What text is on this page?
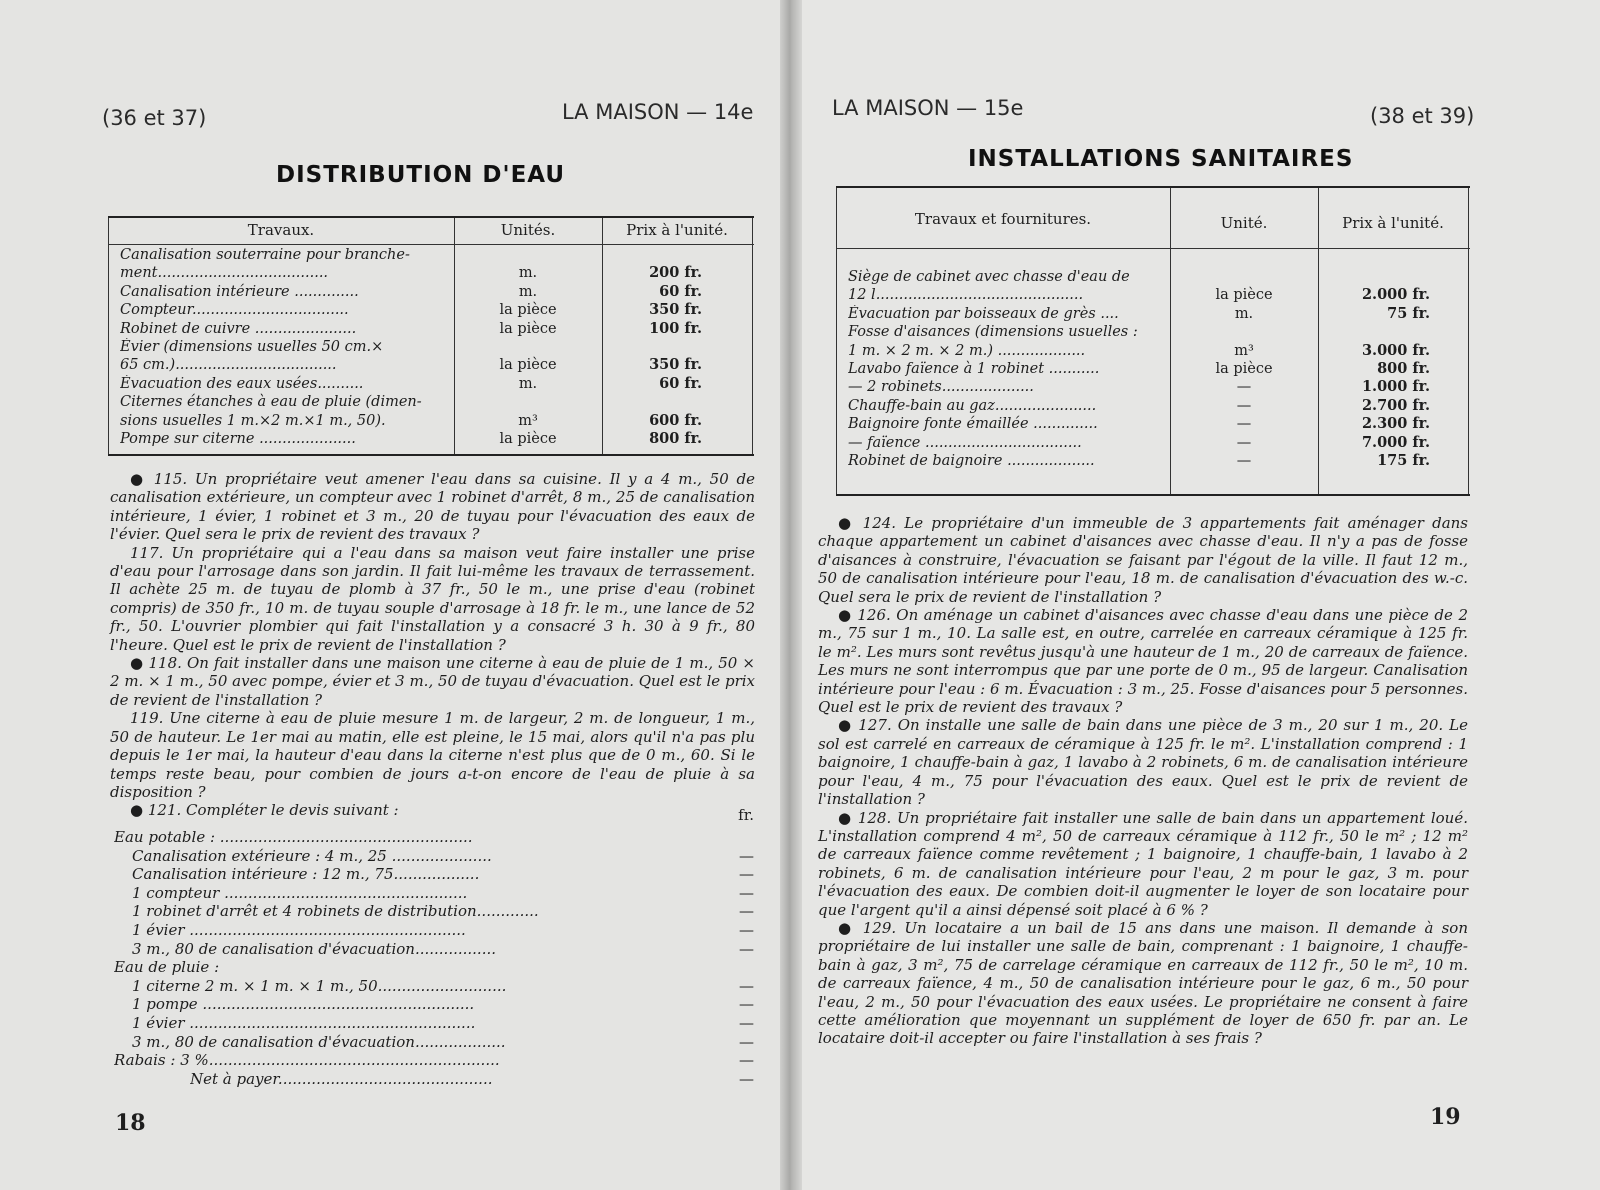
(36 et 37)	LA MAISON — 14e
DISTRIBUTION D'EAU
Travaux.	Unités.	Prix à l'unité.
Canalisation souterraine pour branche-
ment.....................................	m.	200 fr.
Canalisation intérieure ..............	m.	60 fr.
Compteur..................................	la pièce	350 fr.
Robinet de cuivre ......................	la pièce	100 fr.
Évier (dimensions usuelles 50 cm.×
65 cm.)...................................	la pièce	350 fr.
Évacuation des eaux usées..........	m.	60 fr.
Citernes étanches à eau de pluie (dimen-
sions usuelles 1 m.×2 m.×1 m., 50).	m³	600 fr.
Pompe sur citerne .....................	la pièce	800 fr.

● 115. Un propriétaire veut amener l'eau dans sa cuisine. Il y a 4 m., 50 de canalisation extérieure, un compteur avec 1 robinet d'arrêt, 8 m., 25 de canalisation intérieure, 1 évier, 1 robinet et 3 m., 20 de tuyau pour l'évacuation des eaux de l'évier. Quel sera le prix de revient des travaux ?

117. Un propriétaire qui a l'eau dans sa maison veut faire installer une prise d'eau pour l'arrosage dans son jardin. Il fait lui-même les travaux de terrassement. Il achète 25 m. de tuyau de plomb à 37 fr., 50 le m., une prise d'eau (robinet compris) de 350 fr., 10 m. de tuyau souple d'arrosage à 18 fr. le m., une lance de 52 fr., 50. L'ouvrier plombier qui fait l'installation y a consacré 3 h. 30 à 9 fr., 80 l'heure. Quel est le prix de revient de l'installation ?

● 118. On fait installer dans une maison une citerne à eau de pluie de 1 m., 50 × 2 m. × 1 m., 50 avec pompe, évier et 3 m., 50 de tuyau d'évacuation. Quel est le prix de revient de l'installation ?

119. Une citerne à eau de pluie mesure 1 m. de largeur, 2 m. de longueur, 1 m., 50 de hauteur. Le 1er mai au matin, elle est pleine, le 15 mai, alors qu'il n'a pas plu depuis le 1er mai, la hauteur d'eau dans la citerne n'est plus que de 0 m., 60. Si le temps reste beau, pour combien de jours a-t-on encore de l'eau de pluie à sa disposition ?

● 121. Compléter le devis suivant :	fr.
Eau potable : .....................................................
Canalisation extérieure : 4 m., 25 .....................	—
Canalisation intérieure : 12 m., 75..................	—
1 compteur ...................................................	—
1 robinet d'arrêt et 4 robinets de distribution.............	—
1 évier ..........................................................	—
3 m., 80 de canalisation d'évacuation.................	—
Eau de pluie :
1 citerne 2 m. × 1 m. × 1 m., 50...........................	—
1 pompe .........................................................	—
1 évier ............................................................	—
3 m., 80 de canalisation d'évacuation...................	—
Rabais : 3 %.............................................................	—
Net à payer.............................................	—
18
LA MAISON — 15e	(38 et 39)
INSTALLATIONS SANITAIRES
Travaux et fournitures.	Unité.	Prix à l'unité.
Siège de cabinet avec chasse d'eau de
12 l.............................................	la pièce	2.000 fr.
Évacuation par boisseaux de grès ....	m.	75 fr.
Fosse d'aisances (dimensions usuelles :
1 m. × 2 m. × 2 m.) ...................	m³	3.000 fr.
Lavabo faïence à 1 robinet ...........	la pièce	800 fr.
— 2 robinets....................	—	1.000 fr.
Chauffe-bain au gaz......................	—	2.700 fr.
Baignoire fonte émaillée ..............	—	2.300 fr.
— faïence ..................................	—	7.000 fr.
Robinet de baignoire ...................	—	175 fr.

● 124. Le propriétaire d'un immeuble de 3 appartements fait aménager dans chaque appartement un cabinet d'aisances avec chasse d'eau. Il n'y a pas de fosse d'aisances à construire, l'évacuation se faisant par l'égout de la ville. Il faut 12 m., 50 de canalisation intérieure pour l'eau, 18 m. de canalisation d'évacuation des w.-c. Quel sera le prix de revient de l'installation ?

● 126. On aménage un cabinet d'aisances avec chasse d'eau dans une pièce de 2 m., 75 sur 1 m., 10. La salle est, en outre, carrelée en carreaux céramique à 125 fr. le m². Les murs sont revêtus jusqu'à une hauteur de 1 m., 20 de carreaux de faïence. Les murs ne sont interrompus que par une porte de 0 m., 95 de largeur. Canalisation intérieure pour l'eau : 6 m. Évacuation : 3 m., 25. Fosse d'aisances pour 5 personnes. Quel est le prix de revient des travaux ?

● 127. On installe une salle de bain dans une pièce de 3 m., 20 sur 1 m., 20. Le sol est carrelé en carreaux de céramique à 125 fr. le m². L'installation comprend : 1 baignoire, 1 chauffe-bain à gaz, 1 lavabo à 2 robinets, 6 m. de canalisation intérieure pour l'eau, 4 m., 75 pour l'évacuation des eaux. Quel est le prix de revient de l'installation ?

● 128. Un propriétaire fait installer une salle de bain dans un appartement loué. L'installation comprend 4 m², 50 de carreaux céramique à 112 fr., 50 le m² ; 12 m² de carreaux faïence comme revêtement ; 1 baignoire, 1 chauffe-bain, 1 lavabo à 2 robinets, 6 m. de canalisation intérieure pour l'eau, 2 m pour le gaz, 3 m. pour l'évacuation des eaux. De combien doit-il augmenter le loyer de son locataire pour que l'argent qu'il a ainsi dépensé soit placé à 6 % ?

● 129. Un locataire a un bail de 15 ans dans une maison. Il demande à son propriétaire de lui installer une salle de bain, comprenant : 1 baignoire, 1 chauffe-bain à gaz, 3 m², 75 de carrelage céramique en carreaux de 112 fr., 50 le m², 10 m. de carreaux faïence, 4 m., 50 de canalisation intérieure pour le gaz, 6 m., 50 pour l'eau, 2 m., 50 pour l'évacuation des eaux usées. Le propriétaire ne consent à faire cette amélioration que moyennant un supplément de loyer de 650 fr. par an. Le locataire doit-il accepter ou faire l'installation à ses frais ?

19
